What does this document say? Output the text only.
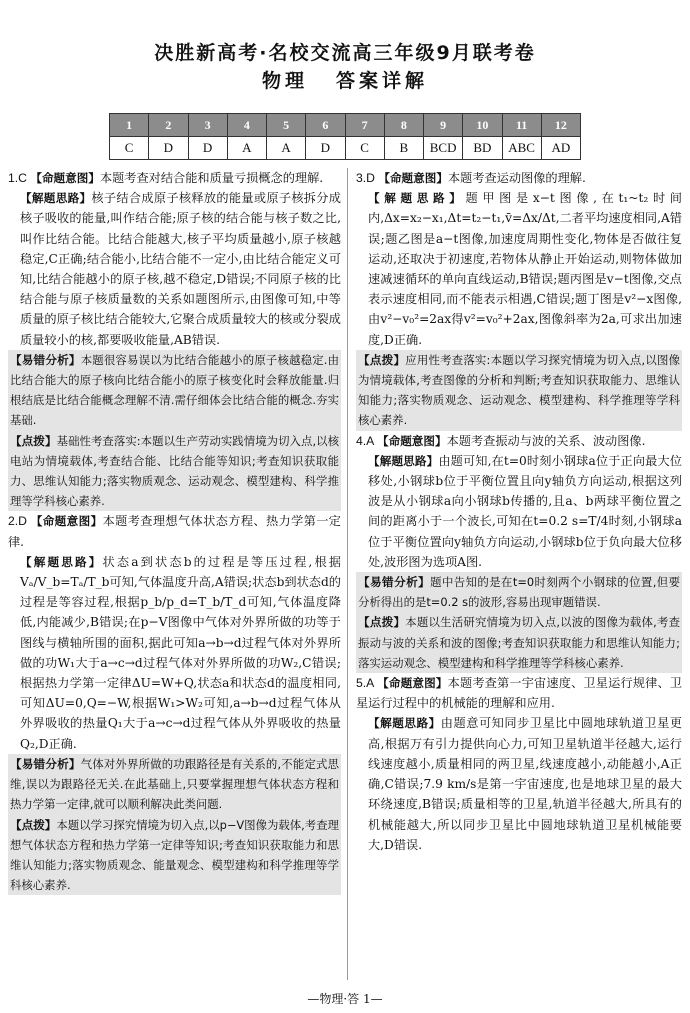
决胜新高考·名校交流高三年级9月联考卷
物理 答案详解
1	2	3	4	5	6	7	8	9	10	11	12
C	D	D	A	A	D	C	B	BCD	BD	ABC	AD

1.C 【命题意图】本题考查对结合能和质量亏损概念的理解.

【解题思路】核子结合成原子核释放的能量或原子核拆分成核子吸收的能量,叫作结合能;原子核的结合能与核子数之比,叫作比结合能。比结合能越大,核子平均质量越小,原子核越稳定,C正确;结合能小,比结合能不一定小,由比结合能定义可知,比结合能越小的原子核,越不稳定,D错误;不同原子核的比结合能与原子核质量数的关系如题图所示,由图像可知,中等质量的原子核比结合能较大,它聚合成质量较大的核或分裂成质量较小的核,都要吸收能量,AB错误.

【易错分析】本题很容易误以为比结合能越小的原子核越稳定.由比结合能大的原子核向比结合能小的原子核变化时会释放能量.归根结底是比结合能概念理解不清.需仔细体会比结合能的概念.夯实基础.

【点拨】基础性考查落实:本题以生产劳动实践情境为切入点,以核电站为情境载体,考查结合能、比结合能等知识;考查知识获取能力、思维认知能力;落实物质观念、运动观念、模型建构、科学推理等学科核心素养.

2.D 【命题意图】本题考查理想气体状态方程、热力学第一定律.

【解题思路】状态a到状态b的过程是等压过程,根据Vₐ/V_b=Tₐ/T_b可知,气体温度升高,A错误;状态b到状态d的过程是等容过程,根据p_b/p_d=T_b/T_d可知,气体温度降低,内能减少,B错误;在p−V图像中气体对外界所做的功等于图线与横轴所围的面积,据此可知a→b→d过程气体对外界所做的功W₁大于a→c→d过程气体对外界所做的功W₂,C错误;根据热力学第一定律ΔU=W+Q,状态a和状态d的温度相同,可知ΔU=0,Q=−W,根据W₁>W₂可知,a→b→d过程气体从外界吸收的热量Q₁大于a→c→d过程气体从外界吸收的热量Q₂,D正确.

【易错分析】气体对外界所做的功跟路径是有关系的,不能定式思维,误以为跟路径无关.在此基础上,只要掌握理想气体状态方程和热力学第一定律,就可以顺利解决此类问题.

【点拨】本题以学习探究情境为切入点,以p−V图像为载体,考查理想气体状态方程和热力学第一定律等知识;考查知识获取能力和思维认知能力;落实物质观念、能量观念、模型建构和科学推理等学科核心素养.

3.D 【命题意图】本题考查运动图像的理解.

【解题思路】题甲图是x−t图像,在t₁~t₂时间内,Δx=x₂−x₁,Δt=t₂−t₁,v̄=Δx/Δt,二者平均速度相同,A错误;题乙图是a−t图像,加速度周期性变化,物体是否做往复运动,还取决于初速度,若物体从静止开始运动,则物体做加速减速循环的单向直线运动,B错误;题丙图是v−t图像,交点表示速度相同,而不能表示相遇,C错误;题丁图是v²−x图像,由v²−v₀²=2ax得v²=v₀²+2ax,图像斜率为2a,可求出加速度,D正确.

【点拨】应用性考查落实:本题以学习探究情境为切入点,以图像为情境载体,考查图像的分析和判断;考查知识获取能力、思维认知能力;落实物质观念、运动观念、模型建构、科学推理等学科核心素养.

4.A 【命题意图】本题考查振动与波的关系、波动图像.

【解题思路】由题可知,在t=0时刻小钢球a位于正向最大位移处,小钢球b位于平衡位置且向y轴负方向运动,根据这列波是从小钢球a向小钢球b传播的,且a、b两球平衡位置之间的距离小于一个波长,可知在t=0.2 s=T/4时刻,小钢球a位于平衡位置向y轴负方向运动,小钢球b位于负向最大位移处,波形图为选项A图.

【易错分析】题中告知的是在t=0时刻两个小钢球的位置,但要分析得出的是t=0.2 s的波形,容易出现审题错误.

【点拨】本题以生活研究情境为切入点,以波的图像为载体,考查振动与波的关系和波的图像;考查知识获取能力和思维认知能力;落实运动观念、模型建构和科学推理等学科核心素养.

5.A 【命题意图】本题考查第一宇宙速度、卫星运行规律、卫星运行过程中的机械能的理解和应用.

【解题思路】由题意可知同步卫星比中圆地球轨道卫星更高,根据万有引力提供向心力,可知卫星轨道半径越大,运行线速度越小,质量相同的两卫星,线速度越小,动能越小,A正确,C错误;7.9 km/s是第一宇宙速度,也是地球卫星的最大环绕速度,B错误;质量相等的卫星,轨道半径越大,所具有的机械能越大,所以同步卫星比中圆地球轨道卫星机械能要大,D错误.

—物理·答 1—
